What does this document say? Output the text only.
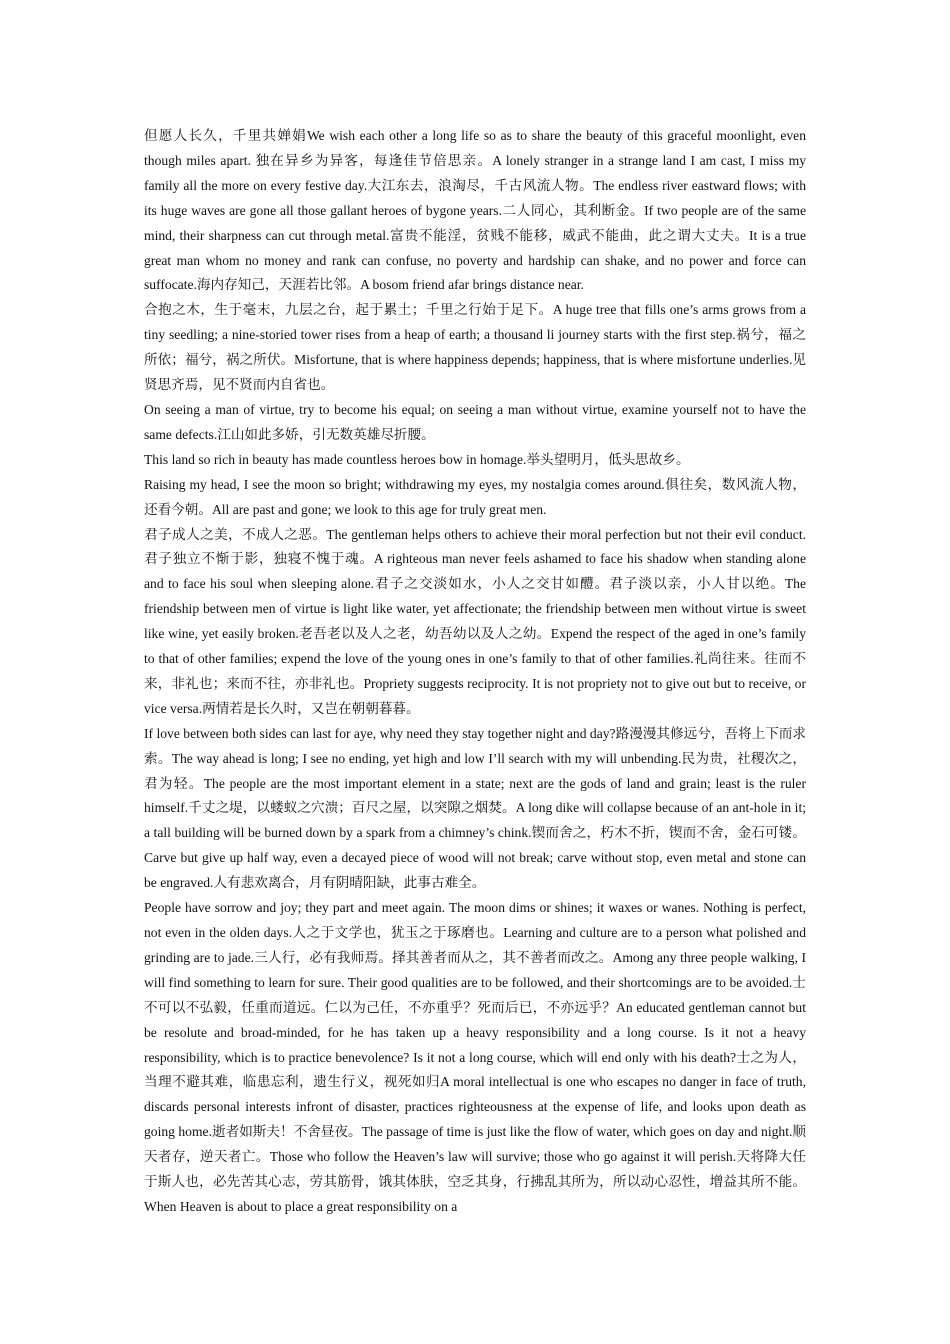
但愿人长久，千里共婵娟We wish each other a long life so as to share the beauty of this graceful moonlight, even though miles apart. 独在异乡为异客，每逢佳节倍思亲。A lonely stranger in a strange land I am cast, I miss my family all the more on every festive day.大江东去，浪淘尽，千古风流人物。The endless river eastward flows; with its huge waves are gone all those gallant heroes of bygone years.二人同心，其利断金。If two people are of the same mind, their sharpness can cut through metal.富贵不能淫，贫贱不能移，威武不能曲，此之谓大丈夫。It is a true great man whom no money and rank can confuse, no poverty and hardship can shake, and no power and force can suffocate.海内存知己，天涯若比邻。A bosom friend afar brings distance near.

合抱之木，生于毫末，九层之台，起于累土；千里之行始于足下。A huge tree that fills one’s arms grows from a tiny seedling; a nine-storied tower rises from a heap of earth; a thousand li journey starts with the first step.祸兮，福之所依；福兮，祸之所伏。Misfortune, that is where happiness depends; happiness, that is where misfortune underlies.见贤思齐焉，见不贤而内自省也。

On seeing a man of virtue, try to become his equal; on seeing a man without virtue, examine yourself not to have the same defects.江山如此多娇，引无数英雄尽折腰。

This land so rich in beauty has made countless heroes bow in homage.举头望明月，低头思故乡。

Raising my head, I see the moon so bright; withdrawing my eyes, my nostalgia comes around.俱往矣，数风流人物，还看今朝。All are past and gone; we look to this age for truly great men.

君子成人之美，不成人之恶。The gentleman helps others to achieve their moral perfection but not their evil conduct.君子独立不惭于影，独寝不愧于魂。A righteous man never feels ashamed to face his shadow when standing alone and to face his soul when sleeping alone.君子之交淡如水，小人之交甘如醴。君子淡以亲，小人甘以绝。The friendship between men of virtue is light like water, yet affectionate; the friendship between men without virtue is sweet like wine, yet easily broken.老吾老以及人之老，幼吾幼以及人之幼。Expend the respect of the aged in one’s family to that of other families; expend the love of the young ones in one’s family to that of other families.礼尚往来。往而不来，非礼也；来而不往，亦非礼也。Propriety suggests reciprocity. It is not propriety not to give out but to receive, or vice versa.两情若是长久时，又岂在朝朝暮暮。

If love between both sides can last for aye, why need they stay together night and day?路漫漫其修远兮，吾将上下而求索。The way ahead is long; I see no ending, yet high and low I’ll search with my will unbending.民为贵，社稷次之，君为轻。The people are the most important element in a state; next are the gods of land and grain; least is the ruler himself.千丈之堤，以蝼蚁之穴溃；百尺之屋，以突隙之烟焚。A long dike will collapse because of an ant-hole in it; a tall building will be burned down by a spark from a chimney’s chink.锲而舍之，朽木不折，锲而不舍，金石可镂。Carve but give up half way, even a decayed piece of wood will not break; carve without stop, even metal and stone can be engraved.人有悲欢离合，月有阴晴阳缺，此事古难全。

People have sorrow and joy; they part and meet again. The moon dims or shines; it waxes or wanes. Nothing is perfect, not even in the olden days.人之于文学也，犹玉之于琢磨也。Learning and culture are to a person what polished and grinding are to jade.三人行，必有我师焉。择其善者而从之，其不善者而改之。Among any three people walking, I will find something to learn for sure. Their good qualities are to be followed, and their shortcomings are to be avoided.士不可以不弘毅，任重而道远。仁以为己任，不亦重乎？死而后已，不亦远乎？An educated gentleman cannot but be resolute and broad-minded, for he has taken up a heavy responsibility and a long course. Is it not a heavy responsibility, which is to practice benevolence? Is it not a long course, which will end only with his death?士之为人，当理不避其难，临患忘利，遗生行义，视死如归A moral intellectual is one who escapes no danger in face of truth, discards personal interests infront of disaster, practices righteousness at the expense of life, and looks upon death as going home.逝者如斯夫！不舍昼夜。The passage of time is just like the flow of water, which goes on day and night.顺天者存，逆天者亡。Those who follow the Heaven’s law will survive; those who go against it will perish.天将降大任于斯人也，必先苦其心志，劳其筋骨，饿其体肤，空乏其身，行拂乱其所为，所以动心忍性，增益其所不能。When Heaven is about to place a great responsibility on a
